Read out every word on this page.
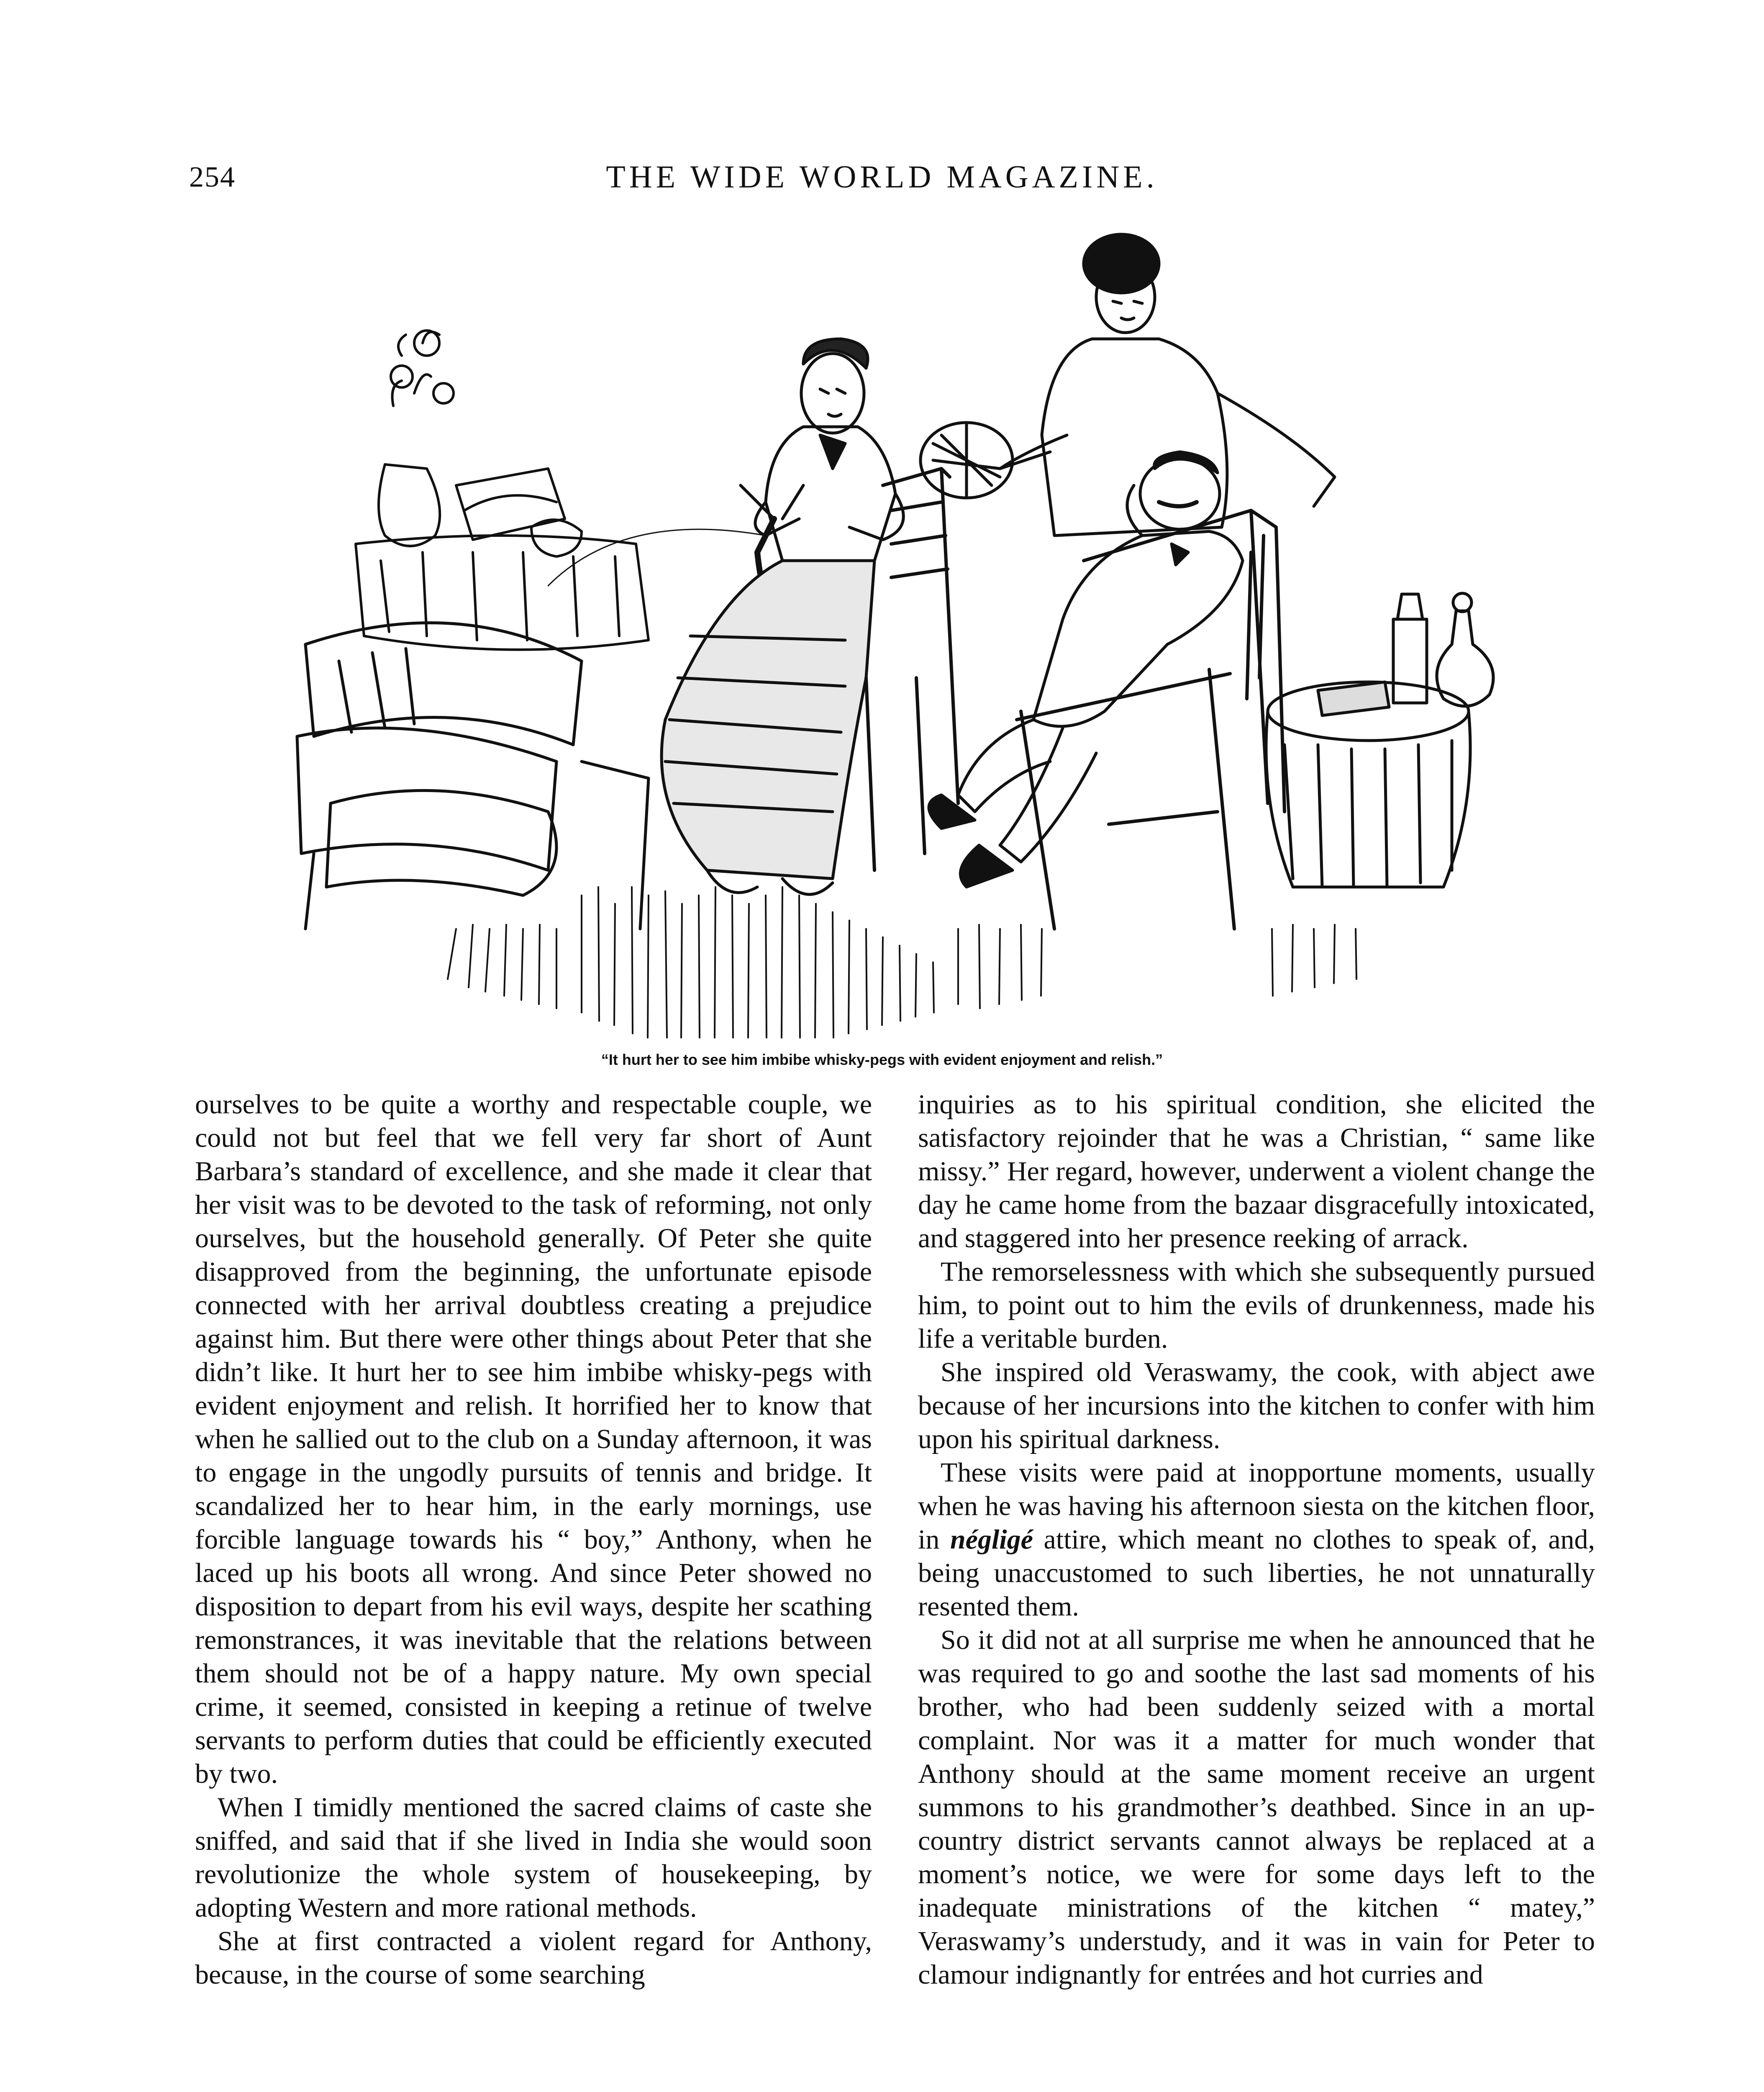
254	THE WIDE WORLD MAGAZINE.
“It hurt her to see him imbibe whisky-pegs with evident enjoyment and relish.”

ourselves to be quite a worthy and respectable couple, we could not but feel that we fell very far short of Aunt Barbara’s standard of excellence, and she made it clear that her visit was to be devoted to the task of reforming, not only ourselves, but the household generally. Of Peter she quite disapproved from the beginning, the unfortunate episode connected with her arrival doubtless creating a prejudice against him. But there were other things about Peter that she didn’t like. It hurt her to see him imbibe whisky-pegs with evident enjoyment and relish. It horrified her to know that when he sallied out to the club on a Sunday afternoon, it was to engage in the ungodly pursuits of tennis and bridge. It scandalized her to hear him, in the early mornings, use forcible language towards his “ boy,” Anthony, when he laced up his boots all wrong. And since Peter showed no disposition to depart from his evil ways, despite her scathing remonstrances, it was inevitable that the relations between them should not be of a happy nature. My own special crime, it seemed, consisted in keeping a retinue of twelve servants to perform duties that could be efficiently executed by two.

When I timidly mentioned the sacred claims of caste she sniffed, and said that if she lived in India she would soon revolutionize the whole system of housekeeping, by adopting Western and more rational methods.

She at first contracted a violent regard for Anthony, because, in the course of some searching

inquiries as to his spiritual condition, she elicited the satisfactory rejoinder that he was a Christian, “ same like missy.” Her regard, however, underwent a violent change the day he came home from the bazaar disgracefully intoxicated, and staggered into her presence reeking of arrack.

The remorselessness with which she subsequently pursued him, to point out to him the evils of drunkenness, made his life a veritable burden.

She inspired old Veraswamy, the cook, with abject awe because of her incursions into the kitchen to confer with him upon his spiritual darkness.

These visits were paid at inopportune moments, usually when he was having his afternoon siesta on the kitchen floor, in négligé attire, which meant no clothes to speak of, and, being unaccustomed to such liberties, he not unnaturally resented them.

So it did not at all surprise me when he announced that he was required to go and soothe the last sad moments of his brother, who had been suddenly seized with a mortal complaint. Nor was it a matter for much wonder that Anthony should at the same moment receive an urgent summons to his grandmother’s deathbed. Since in an up-country district servants cannot always be replaced at a moment’s notice, we were for some days left to the inadequate ministrations of the kitchen “ matey,” Veraswamy’s understudy, and it was in vain for Peter to clamour indignantly for entrées and hot curries and
